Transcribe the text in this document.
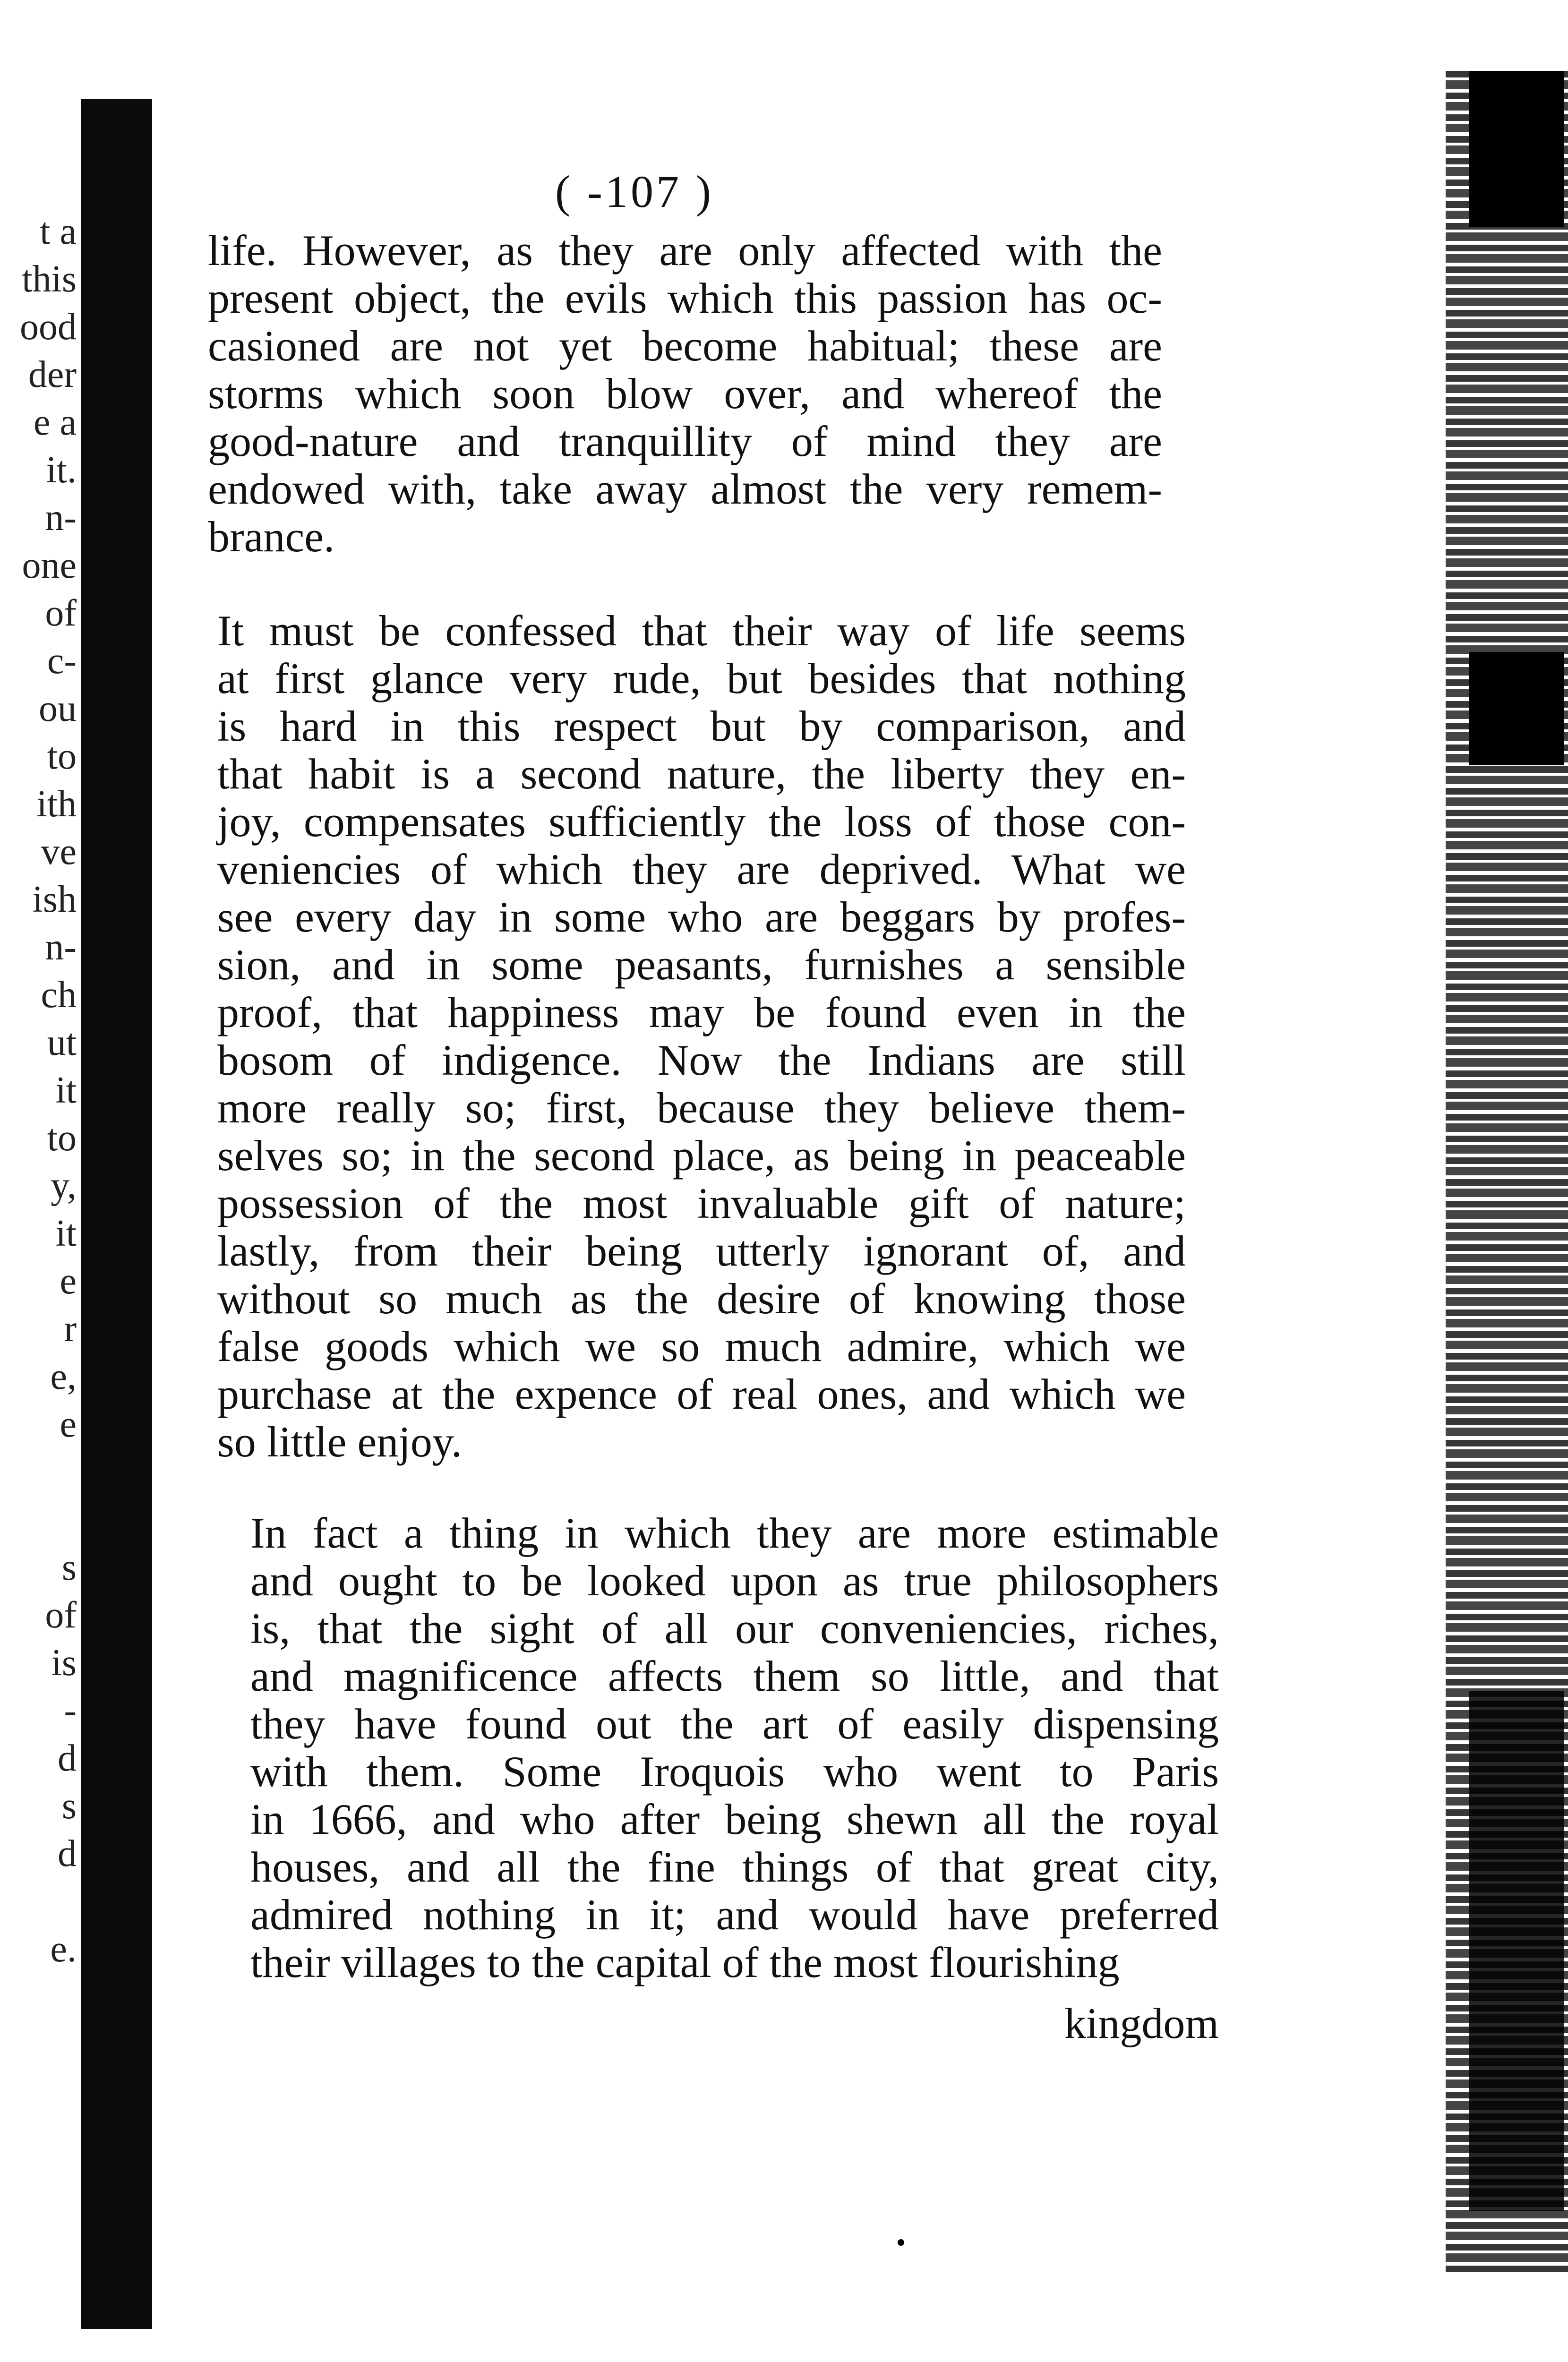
t a
this
ood
der
e a
it.
n-
one
of
c-
ou
to
ith
ve
ish
n-
ch
ut
it
to
y,
it
e
r
e,
e
s
of
is
-
d
s
d
e.
( -107 )
life. However, as they are only affected with the
present object, the evils which this passion has oc-
casioned are not yet become habitual; these are
storms which soon blow over, and whereof the
good-nature and tranquillity of mind they are
endowed with, take away almost the very remem-
brance.
It must be confessed that their way of life seems
at first glance very rude, but besides that nothing
is hard in this respect but by comparison, and
that habit is a second nature, the liberty they en-
joy, compensates sufficiently the loss of those con-
veniencies of which they are deprived. What we
see every day in some who are beggars by profes-
sion, and in some peasants, furnishes a sensible
proof, that happiness may be found even in the
bosom of indigence. Now the Indians are still
more really so; first, because they believe them-
selves so; in the second place, as being in peaceable
possession of the most invaluable gift of nature;
lastly, from their being utterly ignorant of, and
without so much as the desire of knowing those
false goods which we so much admire, which we
purchase at the expence of real ones, and which we
so little enjoy.
In fact a thing in which they are more estimable
and ought to be looked upon as true philosophers
is, that the sight of all our conveniencies, riches,
and magnificence affects them so little, and that
they have found out the art of easily dispensing
with them. Some Iroquois who went to Paris
in 1666, and who after being shewn all the royal
houses, and all the fine things of that great city,
admired nothing in it; and would have preferred
their villages to the capital of the most flourishing
kingdom
